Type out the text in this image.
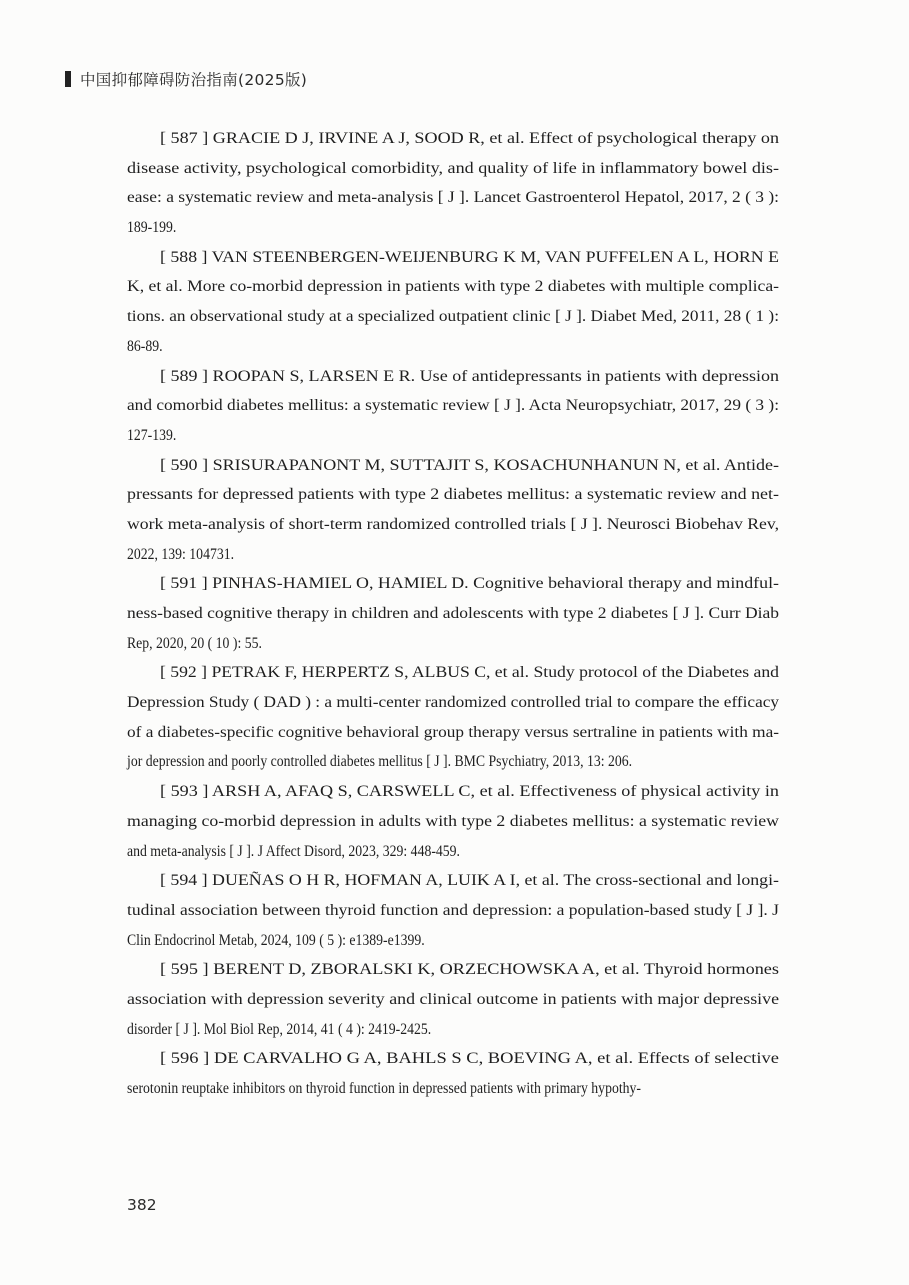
中国抑郁障碍防治指南(2025版)
[ 587 ] GRACIE D J, IRVINE A J, SOOD R, et al. Effect of psychological therapy on
disease activity, psychological comorbidity, and quality of life in inflammatory bowel dis-
ease: a systematic review and meta-analysis [ J ]. Lancet Gastroenterol Hepatol, 2017, 2 ( 3 ):
189-199.
[ 588 ] VAN STEENBERGEN-WEIJENBURG K M, VAN PUFFELEN A L, HORN E
K, et al. More co-morbid depression in patients with type 2 diabetes with multiple complica-
tions. an observational study at a specialized outpatient clinic [ J ]. Diabet Med, 2011, 28 ( 1 ):
86-89.
[ 589 ] ROOPAN S, LARSEN E R. Use of antidepressants in patients with depression
and comorbid diabetes mellitus: a systematic review [ J ]. Acta Neuropsychiatr, 2017, 29 ( 3 ):
127-139.
[ 590 ] SRISURAPANONT M, SUTTAJIT S, KOSACHUNHANUN N, et al. Antide-
pressants for depressed patients with type 2 diabetes mellitus: a systematic review and net-
work meta-analysis of short-term randomized controlled trials [ J ]. Neurosci Biobehav Rev,
2022, 139: 104731.
[ 591 ] PINHAS-HAMIEL O, HAMIEL D. Cognitive behavioral therapy and mindful-
ness-based cognitive therapy in children and adolescents with type 2 diabetes [ J ]. Curr Diab
Rep, 2020, 20 ( 10 ): 55.
[ 592 ] PETRAK F, HERPERTZ S, ALBUS C, et al. Study protocol of the Diabetes and
Depression Study ( DAD ) : a multi-center randomized controlled trial to compare the efficacy
of a diabetes-specific cognitive behavioral group therapy versus sertraline in patients with ma-
jor depression and poorly controlled diabetes mellitus [ J ]. BMC Psychiatry, 2013, 13: 206.
[ 593 ] ARSH A, AFAQ S, CARSWELL C, et al. Effectiveness of physical activity in
managing co-morbid depression in adults with type 2 diabetes mellitus: a systematic review
and meta-analysis [ J ]. J Affect Disord, 2023, 329: 448-459.
[ 594 ] DUEÑAS O H R, HOFMAN A, LUIK A I, et al. The cross-sectional and longi-
tudinal association between thyroid function and depression: a population-based study [ J ]. J
Clin Endocrinol Metab, 2024, 109 ( 5 ): e1389-e1399.
[ 595 ] BERENT D, ZBORALSKI K, ORZECHOWSKA A, et al. Thyroid hormones
association with depression severity and clinical outcome in patients with major depressive
disorder [ J ]. Mol Biol Rep, 2014, 41 ( 4 ): 2419-2425.
[ 596 ] DE CARVALHO G A, BAHLS S C, BOEVING A, et al. Effects of selective
serotonin reuptake inhibitors on thyroid function in depressed patients with primary hypothy-
382
